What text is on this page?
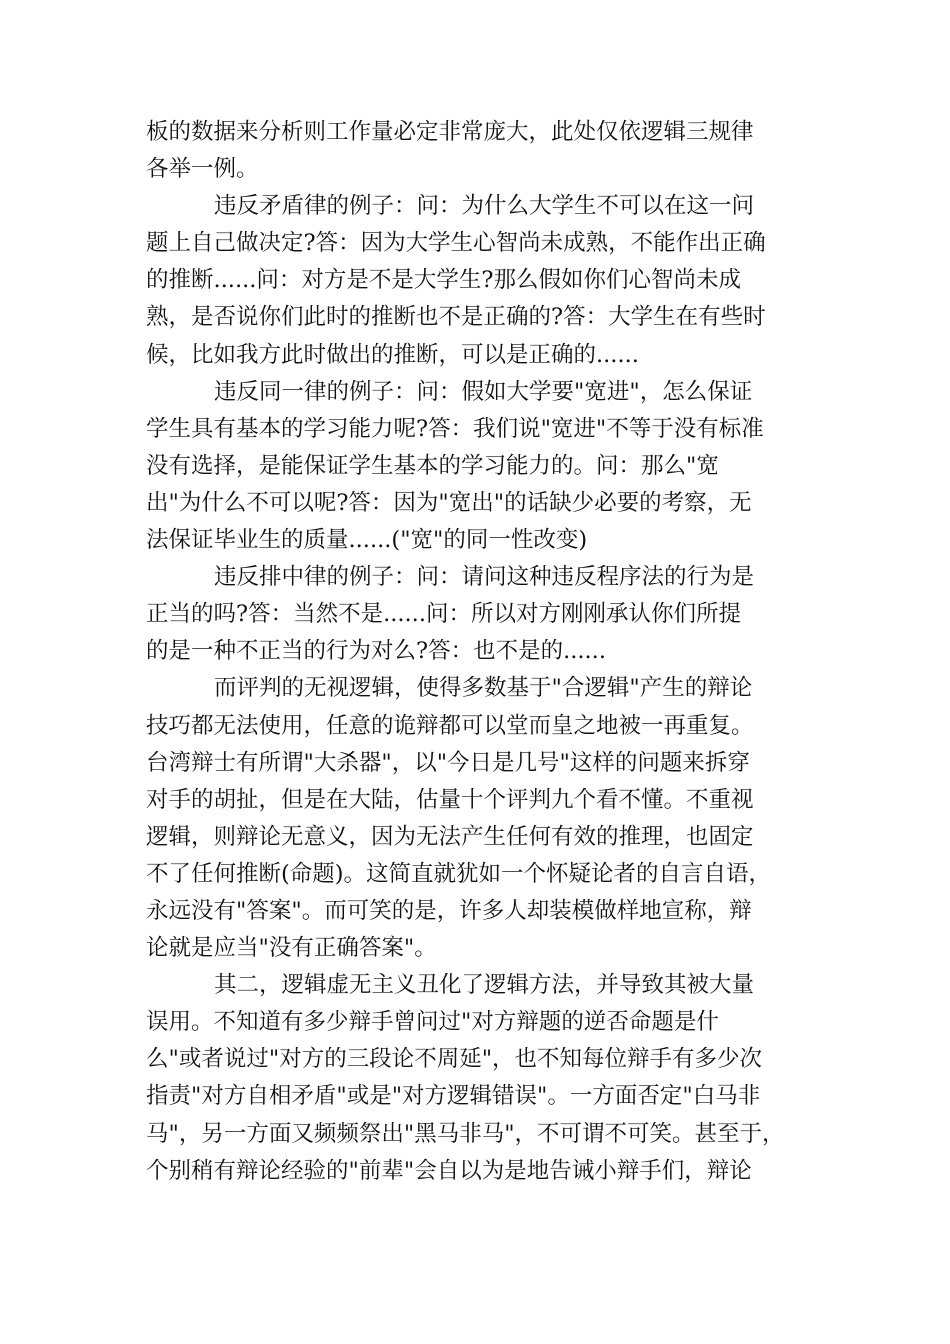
板的数据来分析则工作量必定非常庞大，此处仅依逻辑三规律
各举一例。
违反矛盾律的例子：问：为什么大学生不可以在这一问
题上自己做决定?答：因为大学生心智尚未成熟，不能作出正确
的推断......问：对方是不是大学生?那么假如你们心智尚未成
熟，是否说你们此时的推断也不是正确的?答：大学生在有些时
候，比如我方此时做出的推断，可以是正确的......
违反同一律的例子：问：假如大学要"宽进"，怎么保证
学生具有基本的学习能力呢?答：我们说"宽进"不等于没有标准
没有选择，是能保证学生基本的学习能力的。问：那么"宽
出"为什么不可以呢?答：因为"宽出"的话缺少必要的考察，无
法保证毕业生的质量......("宽"的同一性改变)
违反排中律的例子：问：请问这种违反程序法的行为是
正当的吗?答：当然不是......问：所以对方刚刚承认你们所提
的是一种不正当的行为对么?答：也不是的......
而评判的无视逻辑，使得多数基于"合逻辑"产生的辩论
技巧都无法使用，任意的诡辩都可以堂而皇之地被一再重复。
台湾辩士有所谓"大杀器"，以"今日是几号"这样的问题来拆穿
对手的胡扯，但是在大陆，估量十个评判九个看不懂。不重视
逻辑，则辩论无意义，因为无法产生任何有效的推理，也固定
不了任何推断(命题)。这简直就犹如一个怀疑论者的自言自语，
永远没有"答案"。而可笑的是，许多人却装模做样地宣称，辩
论就是应当"没有正确答案"。
其二，逻辑虚无主义丑化了逻辑方法，并导致其被大量
误用。不知道有多少辩手曾问过"对方辩题的逆否命题是什
么"或者说过"对方的三段论不周延"，也不知每位辩手有多少次
指责"对方自相矛盾"或是"对方逻辑错误"。一方面否定"白马非
马"，另一方面又频频祭出"黑马非马"，不可谓不可笑。甚至于，
个别稍有辩论经验的"前辈"会自以为是地告诫小辩手们，辩论
